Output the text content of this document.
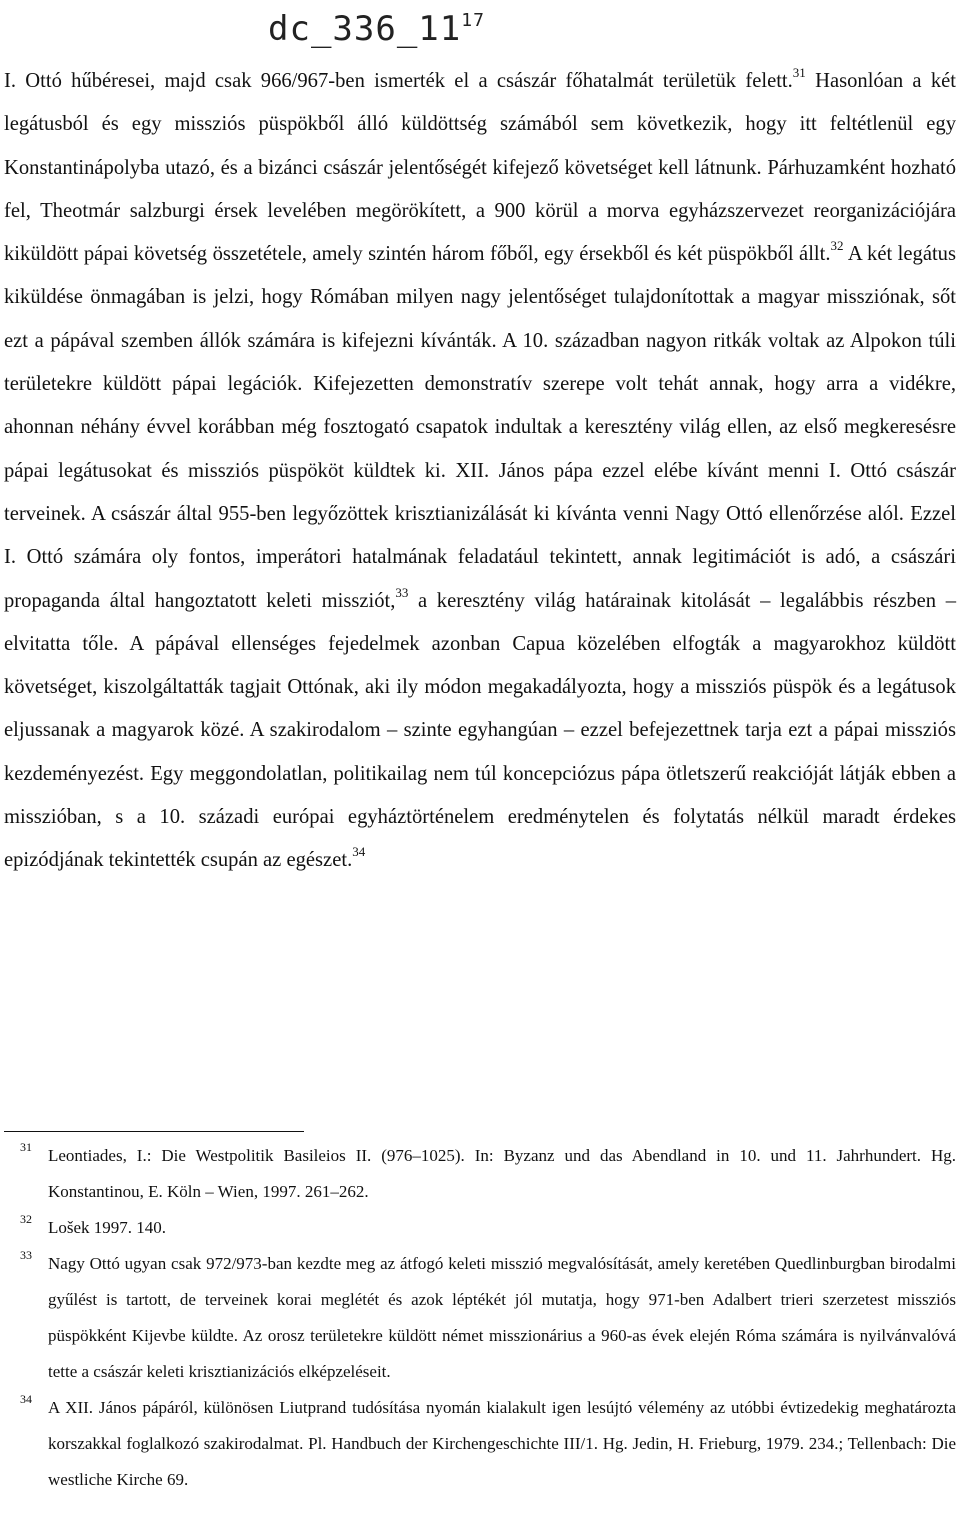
$dc\_336\_11^{17}$

I. Ottó hűbéresei, majd csak 966/967-ben ismerték el a császár főhatalmát területük felett.$^{31}$ Hasonlóan a két legátusból és egy missziós püspökből álló küldöttség számából sem következik, hogy itt feltétlenül egy Konstantinápolyba utazó, és a bizánci császár jelentőségét kifejező követséget kell látnunk. Párhuzamként hozható fel, Theotmár salzburgi érsek levelében megörökített, a 900 körül a morva egyházszervezet reorganizációjára kiküldött pápai követség összetétele, amely szintén három főből, egy érsekből és két püspökből állt.$^{32}$ A két legátus kiküldése önmagában is jelzi, hogy Rómában milyen nagy jelentőséget tulajdonítottak a magyar missziónak, sőt ezt a pápával szemben állók számára is kifejezni kívánták. A 10. században nagyon ritkák voltak az Alpokon túli területekre küldött pápai legációk. Kifejezetten demonstratív szerepe volt tehát annak, hogy arra a vidékre, ahonnan néhány évvel korábban még fosztogató csapatok indultak a keresztény világ ellen, az első megkeresésre pápai legátusokat és missziós püspököt küldtek ki. XII. János pápa ezzel elébe kívánt menni I. Ottó császár terveinek. A császár által 955-ben legyőzöttek krisztianizálását ki kívánta venni Nagy Ottó ellenőrzése alól. Ezzel I. Ottó számára oly fontos, imperátori hatalmának feladatául tekintett, annak legitimációt is adó, a császári propaganda által hangoztatott keleti missziót,$^{33}$ a keresztény világ határainak kitolását – legalábbis részben – elvitatta tőle. A pápával ellenséges fejedelmek azonban Capua közelében elfogták a magyarokhoz küldött követséget, kiszolgáltatták tagjait Ottónak, aki ily módon megakadályozta, hogy a missziós püspök és a legátusok eljussanak a magyarok közé. A szakirodalom – szinte egyhangúan – ezzel befejezettnek tarja ezt a pápai missziós kezdeményezést. Egy meggondolatlan, politikailag nem túl koncepciózus pápa ötletszerű reakcióját látják ebben a misszióban, s a 10. századi európai egyháztörténelem eredménytelen és folytatás nélkül maradt érdekes epizódjának tekintették csupán az egészet.$^{34}$

31 Leontiades, I.: Die Westpolitik Basileios II. (976–1025). In: Byzanz und das Abendland in 10. und 11. Jahrhundert. Hg. Konstantinou, E. Köln – Wien, 1997. 261–262.
32 Lošek 1997. 140.
33 Nagy Ottó ugyan csak 972/973-ban kezdte meg az átfogó keleti misszió megvalósítását, amely keretében Quedlinburgban birodalmi gyűlést is tartott, de terveinek korai meglétét és azok léptékét jól mutatja, hogy 971-ben Adalbert trieri szerzetest missziós püspökként Kijevbe küldte. Az orosz területekre küldött német misszionárius a 960-as évek elején Róma számára is nyilvánvalóvá tette a császár keleti krisztianizációs elképzeléseit.
34 A XII. János pápáról, különösen Liutprand tudósítása nyomán kialakult igen lesújtó vélemény az utóbbi évtizedekig meghatározta korszakkal foglalkozó szakirodalmat. Pl. Handbuch der Kirchengeschichte III/1. Hg. Jedin, H. Frieburg, 1979. 234.; Tellenbach: Die westliche Kirche 69.
